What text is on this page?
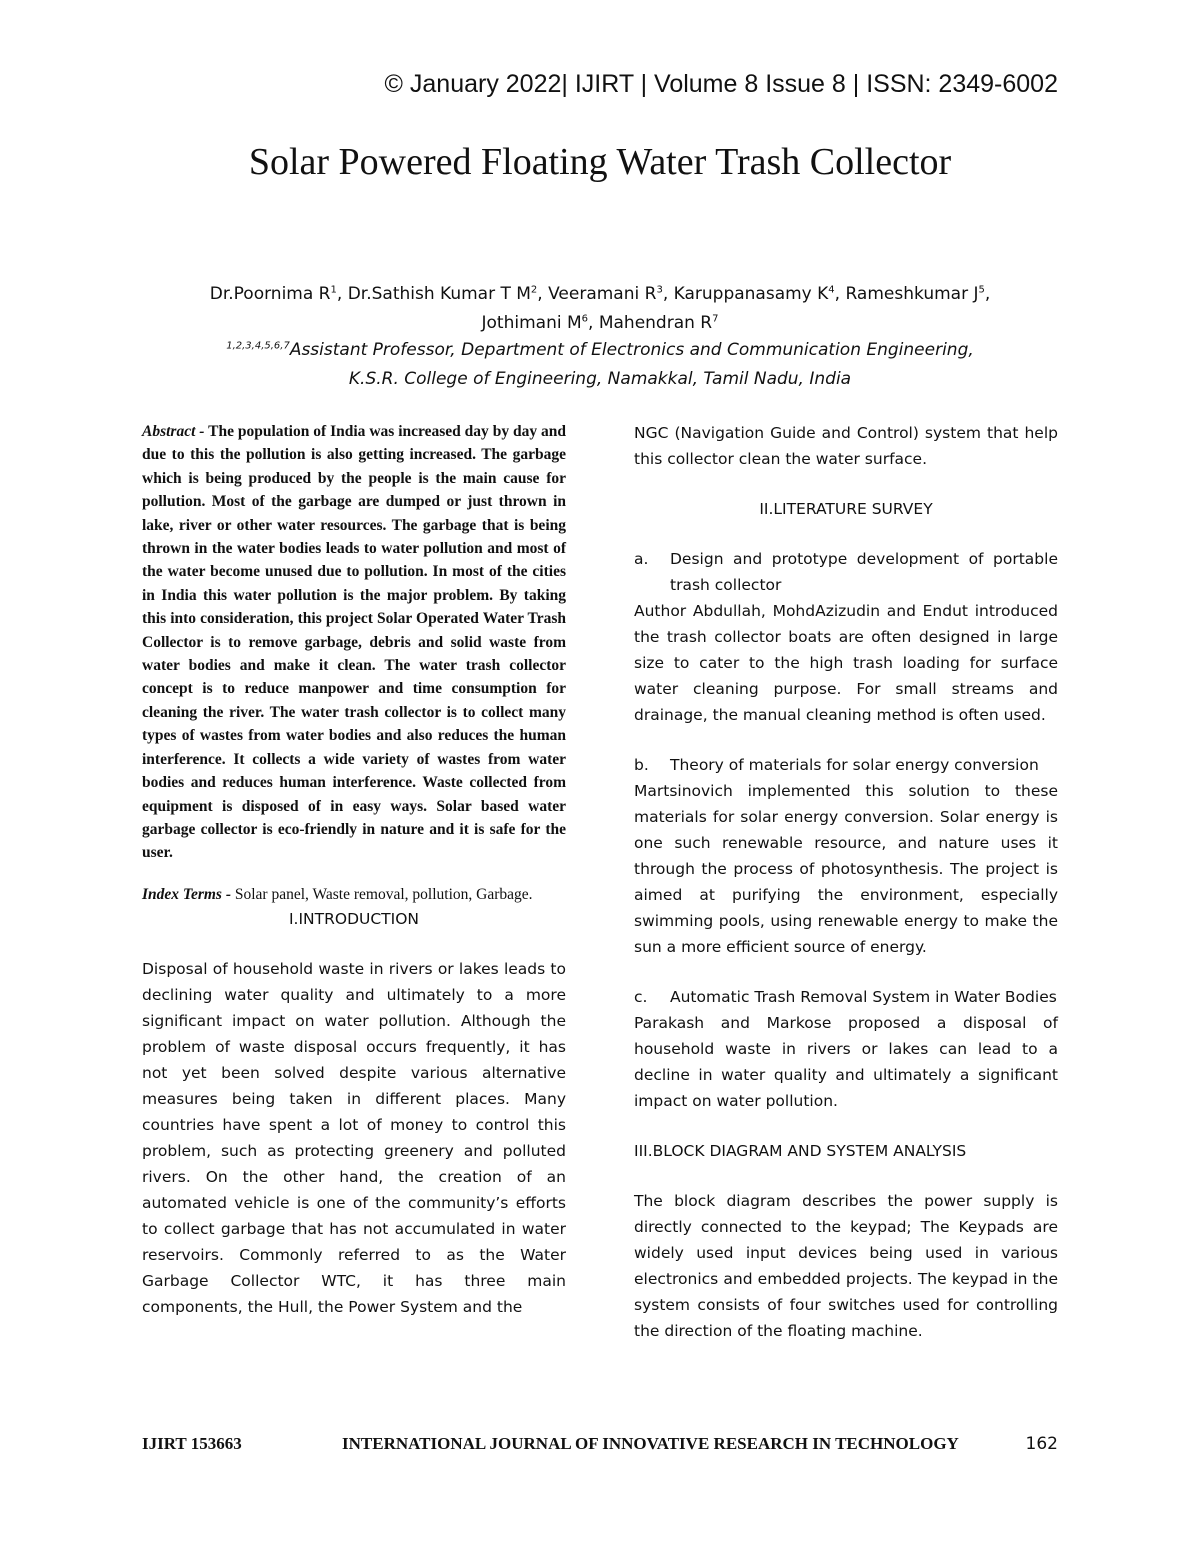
© January 2022| IJIRT | Volume 8 Issue 8 | ISSN: 2349-6002
Solar Powered Floating Water Trash Collector
Dr.Poornima $R^1$, Dr.Sathish Kumar T $M^2$, Veeramani $R^3$, Karuppanasamy $K^4$, Rameshkumar $J^5$,
Jothimani $M^6$, Mahendran $R^7$
$^{1,2,3,4,5,6,7}$Assistant Professor, Department of Electronics and Communication Engineering,
K.S.R. College of Engineering, Namakkal, Tamil Nadu, India

Abstract - The population of India was increased day by day and due to this the pollution is also getting increased. The garbage which is being produced by the people is the main cause for pollution. Most of the garbage are dumped or just thrown in lake, river or other water resources. The garbage that is being thrown in the water bodies leads to water pollution and most of the water become unused due to pollution. In most of the cities in India this water pollution is the major problem. By taking this into consideration, this project Solar Operated Water Trash Collector is to remove garbage, debris and solid waste from water bodies and make it clean. The water trash collector concept is to reduce manpower and time consumption for cleaning the river. The water trash collector is to collect many types of wastes from water bodies and also reduces the human interference. It collects a wide variety of wastes from water bodies and reduces human interference. Waste collected from equipment is disposed of in easy ways. Solar based water garbage collector is eco-friendly in nature and it is safe for the user.

Index Terms - Solar panel, Waste removal, pollution, Garbage.

I.INTRODUCTION

Disposal of household waste in rivers or lakes leads to declining water quality and ultimately to a more significant impact on water pollution. Although the problem of waste disposal occurs frequently, it has not yet been solved despite various alternative measures being taken in different places. Many countries have spent a lot of money to control this problem, such as protecting greenery and polluted rivers. On the other hand, the creation of an automated vehicle is one of the community’s efforts to collect garbage that has not accumulated in water reservoirs. Commonly referred to as the Water Garbage Collector WTC, it has three main components, the Hull, the Power System and the

NGC (Navigation Guide and Control) system that help this collector clean the water surface.

II.LITERATURE SURVEY

a.	Design and prototype development of portable trash collector

Author Abdullah, MohdAzizudin and Endut introduced the trash collector boats are often designed in large size to cater to the high trash loading for surface water cleaning purpose. For small streams and drainage, the manual cleaning method is often used.

b.	Theory of materials for solar energy conversion

Martsinovich implemented this solution to these materials for solar energy conversion. Solar energy is one such renewable resource, and nature uses it through the process of photosynthesis. The project is aimed at purifying the environment, especially swimming pools, using renewable energy to make the sun a more efficient source of energy.

c.	Automatic Trash Removal System in Water Bodies

Parakash and Markose proposed a disposal of household waste in rivers or lakes can lead to a decline in water quality and ultimately a significant impact on water pollution.

III.BLOCK DIAGRAM AND SYSTEM ANALYSIS

The block diagram describes the power supply is directly connected to the keypad; The Keypads are widely used input devices being used in various electronics and embedded projects. The keypad in the system consists of four switches used for controlling the direction of the floating machine.

IJIRT 153663	INTERNATIONAL JOURNAL OF INNOVATIVE RESEARCH IN TECHNOLOGY	162
